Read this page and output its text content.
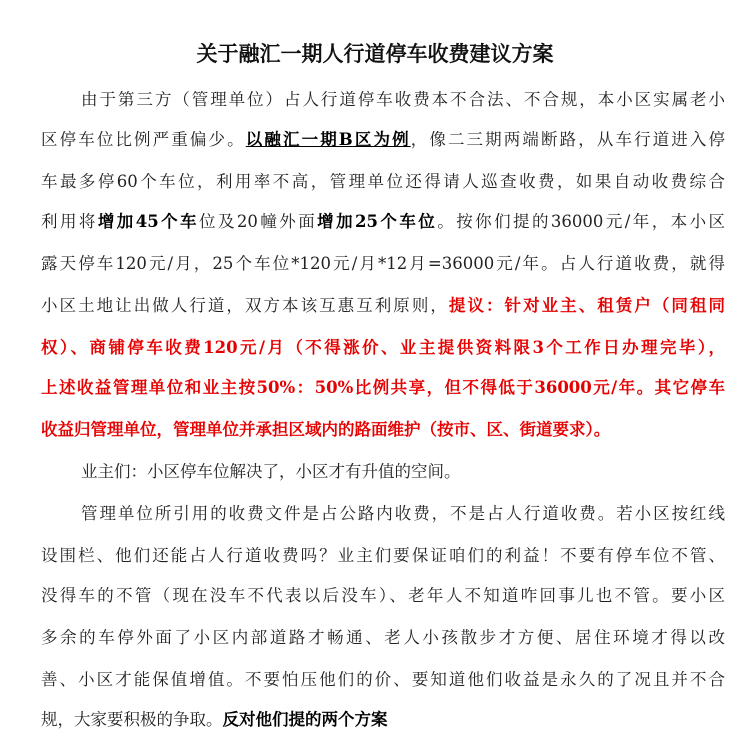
关于融汇一期人行道停车收费建议方案
由于第三方（管理单位）占人行道停车收费本不合法、不合规，本小区实属老小
区停车位比例严重偏少。以融汇一期B区为例，像二三期两端断路，从车行道进入停
车最多停60个车位，利用率不高，管理单位还得请人巡查收费，如果自动收费综合
利用将增加45个车位及20幢外面增加25个车位。按你们提的36000元/年，本小区
露天停车120元/月，25个车位*120元/月*12月=36000元/年。占人行道收费，就得
小区土地让出做人行道，双方本该互惠互利原则，提议：针对业主、租赁户（同租同
权）、商铺停车收费120元/月（不得涨价、业主提供资料限3个工作日办理完毕），
上述收益管理单位和业主按50%：50%比例共享，但不得低于36000元/年。其它停车
收益归管理单位，管理单位并承担区域内的路面维护（按市、区、街道要求）。
业主们：小区停车位解决了，小区才有升值的空间。
管理单位所引用的收费文件是占公路内收费，不是占人行道收费。若小区按红线
设围栏、他们还能占人行道收费吗？业主们要保证咱们的利益！不要有停车位不管、
没得车的不管（现在没车不代表以后没车）、老年人不知道咋回事儿也不管。要小区
多余的车停外面了小区内部道路才畅通、老人小孩散步才方便、居住环境才得以改
善、小区才能保值增值。不要怕压他们的价、要知道他们收益是永久的了况且并不合
规，大家要积极的争取。反对他们提的两个方案
